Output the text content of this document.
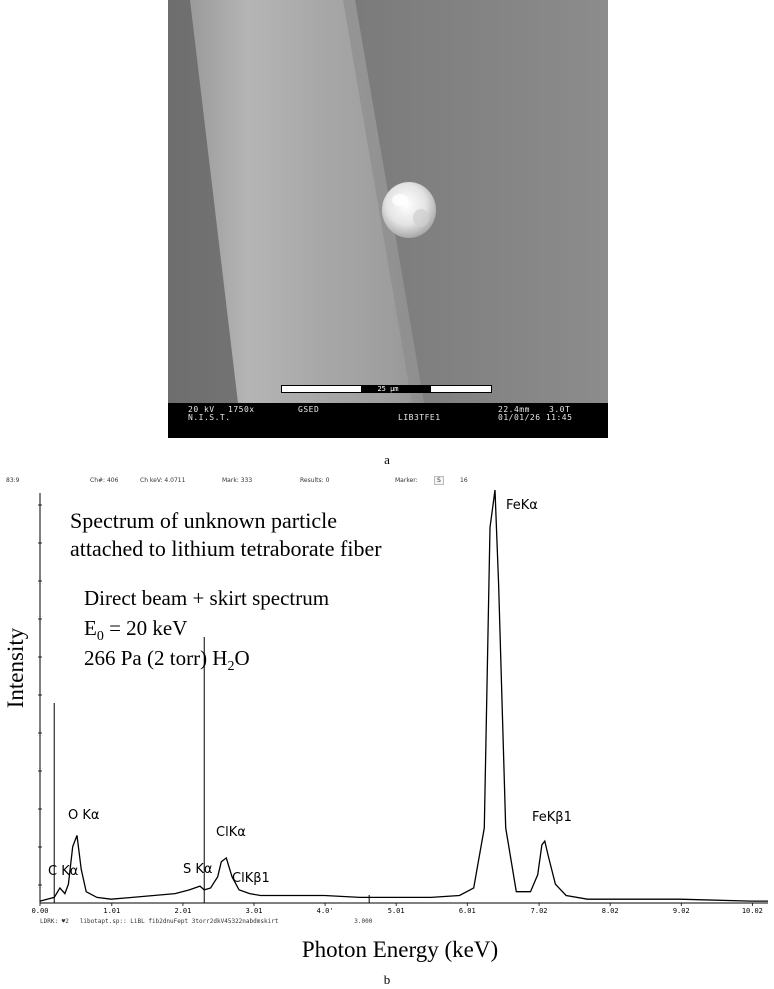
25 μm
20 kV 1750x	GSED
N.I.S.T.
22.4mm 3.0T
LIB3TFE1	01/01/26 11:45
a
83:9	Ch#: 406	Ch keV: 4.0711	Mark: 333	Results: 0	Marker:	S	16
0.00	1.01	2.01	3.01	4.0'	5.01	6.01	7.02	8.02	9.02	10.02
FeKα
FeKβ1
O Kα
C Kα	S Kα
ClKα
ClKβ1
Spectrum of unknown particle
attached to lithium tetraborate fiber
Direct beam + skirt spectrum
$E_0 = 20$ keV
266 Pa (2 torr) $H_2O$
Intensity
LDRK: ♥2   libotapt.sp:: LiBL fib2dnuFept 3torr2dkV45322nabdmskirt                     3.000
Photon Energy (keV)
b
